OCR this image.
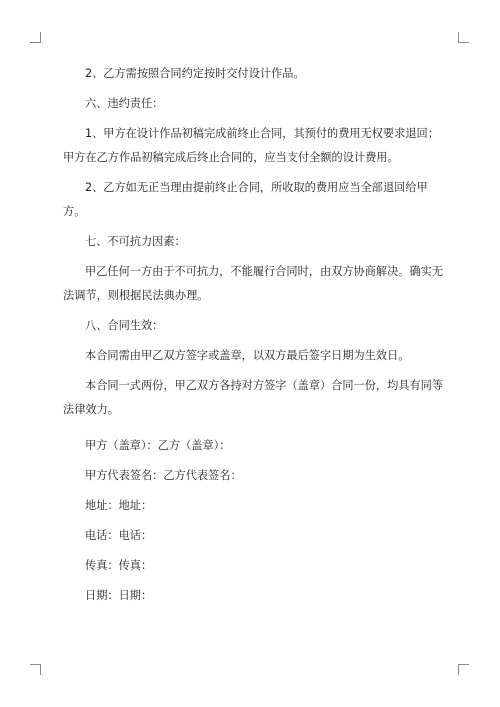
2、乙方需按照合同约定按时交付设计作品。

六、违约责任：

1、甲方在设计作品初稿完成前终止合同，其预付的费用无权要求退回；甲方在乙方作品初稿完成后终止合同的，应当支付全额的设计费用。

2、乙方如无正当理由提前终止合同，所收取的费用应当全部退回给甲方。

七、不可抗力因素：

甲乙任何一方由于不可抗力，不能履行合同时，由双方协商解决。确实无法调节，则根据民法典办理。

八、合同生效：

本合同需由甲乙双方签字或盖章，以双方最后签字日期为生效日。

本合同一式两份，甲乙双方各持对方签字（盖章）合同一份，均具有同等法律效力。

甲方（盖章）：乙方（盖章）：

甲方代表签名：乙方代表签名：

地址：地址：

电话：电话：

传真：传真：

日期：日期：
